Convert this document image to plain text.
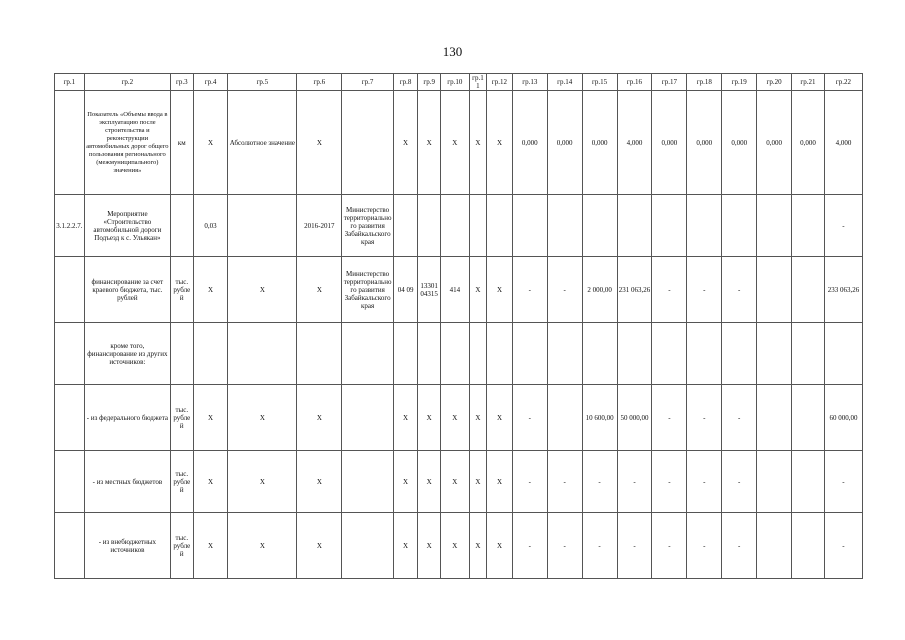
130
гр.1	гр.2	гр.3	гр.4	гр.5	гр.6	гр.7	гр.8	гр.9	гр.10	гр.11	гр.12	гр.13	гр.14	гр.15	гр.16	гр.17	гр.18	гр.19	гр.20	гр.21	гр.22
	Показатель «Объемы ввода в эксплуатацию после строительства и реконструкции автомобильных дорог общего пользования регионального (межмуниципального) значения»	км	X	Абсолютное значение	X		X	X	X	X	X	0,000	0,000	0,000	4,000	0,000	0,000	0,000	0,000	0,000	4,000
3.1.2.2.7.	Мероприятие «Строительство автомобильной дороги Подъезд к с. Ульякан»		0,03		2016-2017	Министерство территориального развития Забайкальского края															-
	финансирование за счет краевого бюджета, тыс. рублей	тыс. рублей	X	X	X	Министерство территориального развития Забайкальского края	04 09	1330104315	414	X	X	-	-	2 000,00	231 063,26	-	-	-			233 063,26
	кроме того, финансирование из других источников:																				
	- из федерального бюджета	тыс. рублей	X	X	X		X	X	X	X	X	-		10 600,00	50 000,00	-	-	-			60 000,00
	- из местных бюджетов	тыс. рублей	X	X	X		X	X	X	X	X	-	-	-	-	-	-	-			-
	- из внебюджетных источников	тыс. рублей	X	X	X		X	X	X	X	X	-	-	-	-	-	-	-			-
